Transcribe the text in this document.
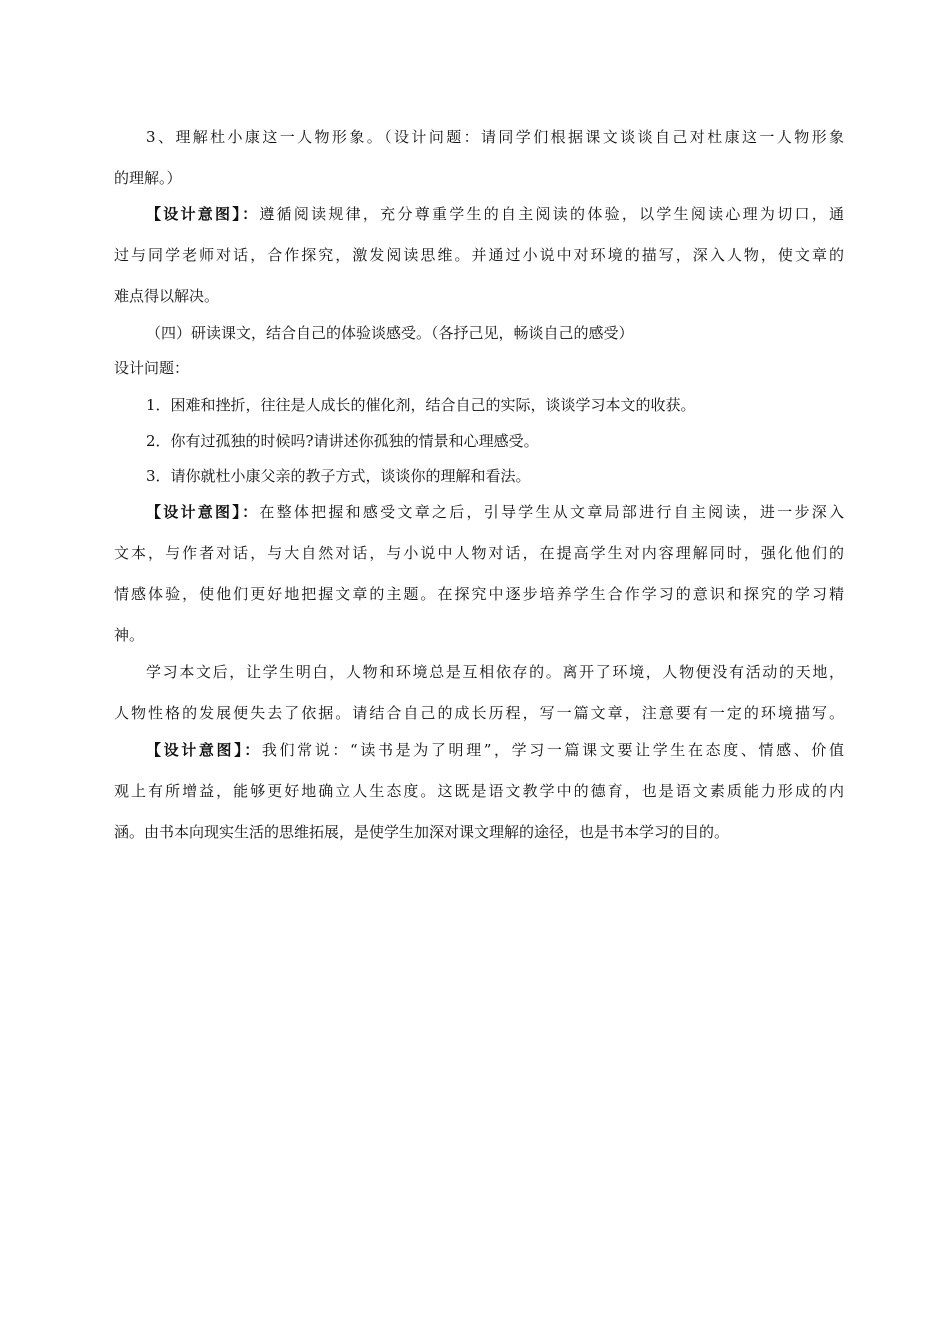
3、理解杜小康这一人物形象。（设计问题：请同学们根据课文谈谈自己对杜康这一人物形象
的理解。）
【设计意图】：遵循阅读规律，充分尊重学生的自主阅读的体验，以学生阅读心理为切口，通
过与同学老师对话，合作探究，激发阅读思维。并通过小说中对环境的描写，深入人物，使文章的
难点得以解决。
（四）研读课文，结合自己的体验谈感受。（各抒己见，畅谈自己的感受）
设计问题：
1．困难和挫折，往往是人成长的催化剂，结合自己的实际，谈谈学习本文的收获。
2．你有过孤独的时候吗?请讲述你孤独的情景和心理感受。
3．请你就杜小康父亲的教子方式，谈谈你的理解和看法。
【设计意图】：在整体把握和感受文章之后，引导学生从文章局部进行自主阅读，进一步深入
文本，与作者对话，与大自然对话，与小说中人物对话，在提高学生对内容理解同时，强化他们的
情感体验，使他们更好地把握文章的主题。在探究中逐步培养学生合作学习的意识和探究的学习精
神。
学习本文后，让学生明白，人物和环境总是互相依存的。离开了环境，人物便没有活动的天地，
人物性格的发展便失去了依据。请结合自己的成长历程，写一篇文章，注意要有一定的环境描写。
【设计意图】：我们常说：“读书是为了明理”，学习一篇课文要让学生在态度、情感、价值
观上有所增益，能够更好地确立人生态度。这既是语文教学中的德育，也是语文素质能力形成的内
涵。由书本向现实生活的思维拓展，是使学生加深对课文理解的途径，也是书本学习的目的。
